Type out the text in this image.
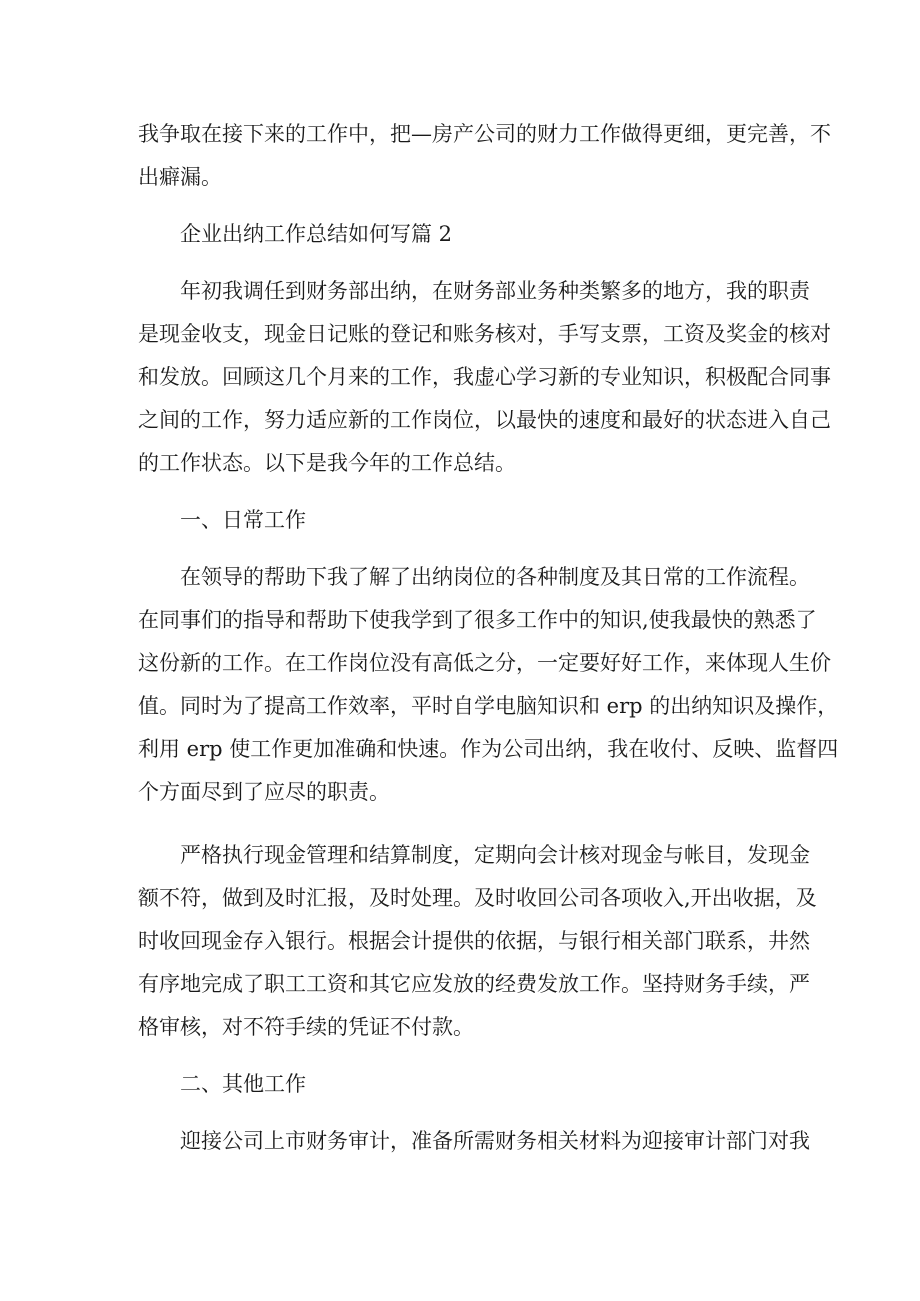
我争取在接下来的工作中，把—房产公司的财力工作做得更细，更完善，不
出癖漏。

企业出纳工作总结如何写篇 2

年初我调任到财务部出纳，在财务部业务种类繁多的地方，我的职责
是现金收支，现金日记账的登记和账务核对，手写支票，工资及奖金的核对
和发放。回顾这几个月来的工作，我虚心学习新的专业知识，积极配合同事
之间的工作，努力适应新的工作岗位，以最快的速度和最好的状态进入自己
的工作状态。以下是我今年的工作总结。

一、日常工作

在领导的帮助下我了解了出纳岗位的各种制度及其日常的工作流程。
在同事们的指导和帮助下使我学到了很多工作中的知识,使我最快的熟悉了
这份新的工作。在工作岗位没有高低之分，一定要好好工作，来体现人生价
值。同时为了提高工作效率，平时自学电脑知识和 erp 的出纳知识及操作，
利用 erp 使工作更加准确和快速。作为公司出纳，我在收付、反映、监督四
个方面尽到了应尽的职责。

严格执行现金管理和结算制度，定期向会计核对现金与帐目，发现金
额不符，做到及时汇报，及时处理。及时收回公司各项收入,开出收据，及
时收回现金存入银行。根据会计提供的依据，与银行相关部门联系，井然
有序地完成了职工工资和其它应发放的经费发放工作。坚持财务手续，严
格审核，对不符手续的凭证不付款。

二、其他工作

迎接公司上市财务审计，准备所需财务相关材料为迎接审计部门对我
